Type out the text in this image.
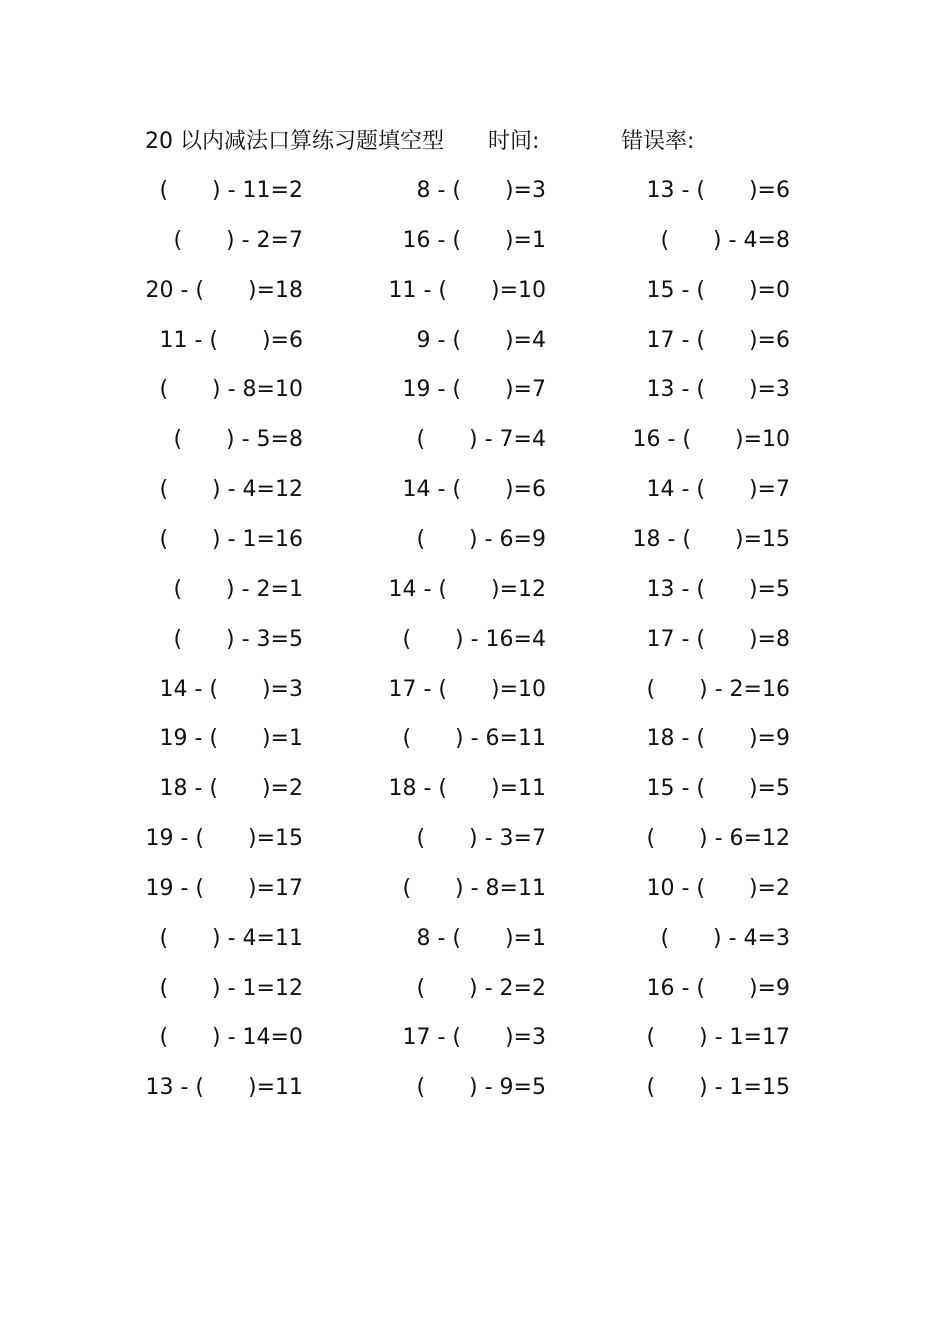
20 以内减法口算练习题填空型 时间:	错误率:
(　　) - 11=2
(　　) - 2=7
20 - (　　)=18
11 - (　　)=6
(　　) - 8=10
(　　) - 5=8
(　　) - 4=12
(　　) - 1=16
(　　) - 2=1
(　　) - 3=5
14 - (　　)=3
19 - (　　)=1
18 - (　　)=2
19 - (　　)=15
19 - (　　)=17
(　　) - 4=11
(　　) - 1=12
(　　) - 14=0
13 - (　　)=11
8 - (　　)=3
16 - (　　)=1
11 - (　　)=10
9 - (　　)=4
19 - (　　)=7
(　　) - 7=4
14 - (　　)=6
(　　) - 6=9
14 - (　　)=12
(　　) - 16=4
17 - (　　)=10
(　　) - 6=11
18 - (　　)=11
(　　) - 3=7
(　　) - 8=11
8 - (　　)=1
(　　) - 2=2
17 - (　　)=3
(　　) - 9=5
13 - (　　)=6
(　　) - 4=8
15 - (　　)=0
17 - (　　)=6
13 - (　　)=3
16 - (　　)=10
14 - (　　)=7
18 - (　　)=15
13 - (　　)=5
17 - (　　)=8
(　　) - 2=16
18 - (　　)=9
15 - (　　)=5
(　　) - 6=12
10 - (　　)=2
(　　) - 4=3
16 - (　　)=9
(　　) - 1=17
(　　) - 1=15
